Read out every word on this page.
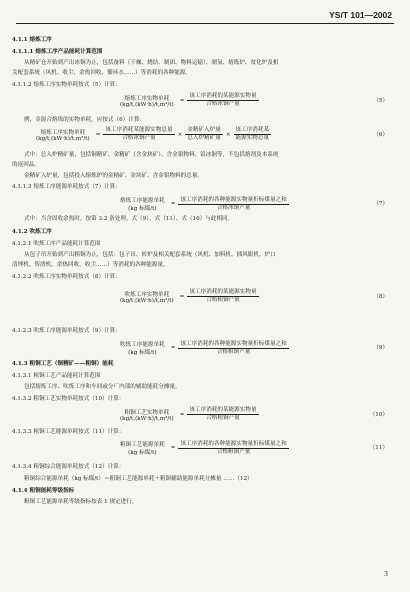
YS/T 101—2002
4.1.1 熔炼工序
4.1.1.1 熔炼工序产品能耗计算范围
从精矿仓开始到产出冰铜为止，包括备料（干燥、烧结、制团、物料运输）、制氧、熔炼炉、贫化炉及相
关配套系统（风机、收尘、余热回收、循环水……）等消耗的各种能源。
4.1.1.2 熔炼工序实物单耗按式（5）计算：
例，金混合熔炼的实物单耗，应按式（6）计算：
式中：总入炉精矿量，包括铜精矿、金精矿（含金块矿）、含金银物料、铅冰铜等，不包括熔剂及本系统
的返回品。
金精矿入炉量，包括投入熔炼炉的金精矿、金块矿、含金银物料的总量。
4.1.1.3 熔炼工序能源单耗按式（7）计算：
式中：当含固收余热时，按第 3.2 条处理。式（9）、式（11）、式（16）与此相同。
4.1.2 吹炼工序
4.1.2.1 吹炼工序产品能耗计算范围
从包子吊开始到产出粗铜为止，包括：包子吊、转炉及相关配套系统（风机、加料机、插风眼机、炉口
清理机、铸渣机、余热回收、收尘……）等消耗的各种能源量。
4.1.2.2 吹炼工序实物单耗按式（8）计算：
4.1.2.3 吹炼工序能源单耗按式（9）计算：
4.1.3 粗铜工艺（铜精矿——粗铜）能耗
4.1.3.1 粗铜工艺产品能耗计算范围
包括熔炼工序、吹炼工序和车间或分厂内部的辅助能耗分摊量。
4.1.3.2 粗铜工艺实物单耗按式（10）计算：
4.1.3.3 粗铜工艺能源单耗按式（11）计算：
4.1.3.4 粗铜综合能源单耗按式（12）计算：
粗铜综合能源单耗（kg 标煤/t）＝粗铜工艺能源单耗＋粗铜辅助能源单耗分摊量 ……（12）
4.1.4 粗铜能耗等级指标
粗铜工艺能源单耗等级指标按表 1 规定进行。
熔炼工序实物单耗
(kg/t,(kW·h)/t,m³/t)
= $\frac{\text{该工序消耗的某能源实物量}}{\text{合格冰铜产量}}$	（5）
熔炼工序实物单耗
(kg/t,(kW·h)/t,m³/t)
= $\frac{\text{该工序消耗某能源实物总量}}{\text{合格冰铜产量}} \times \frac{\text{金精矿入炉量}}{\text{总入炉精矿量}} \times \frac{\text{该工序消耗某}}{\text{能源实物总量}}$	（6）
熔炼工序能源单耗
(kg 标煤/t)
= $\frac{\text{该工序消耗的各种能源实物量折标煤量之和}}{\text{合格冰铜产量}}$	（7）
吹炼工序实物单耗
(kg/t,(kW·h)/t,m³/t)
= $\frac{\text{该工序消耗的某能源实物量}}{\text{合格粗铜产量}}$	（8）
吹炼工序能源单耗
(kg 标煤/t)
= $\frac{\text{该工序消耗的各种能源实物量折标煤量之和}}{\text{合格粗铜产量}}$	（9）
粗铜工艺实物单耗
(kg/t,(kW·h)/t,m³/t)
= $\frac{\text{该工序消耗的某能源实物量}}{\text{合格粗铜产量}}$	（10）
粗铜工艺能源单耗
(kg 标煤/t)
= $\frac{\text{该工序消耗的各种能源实物量折标煤量之和}}{\text{合格粗铜产量}}$	（11）
3
